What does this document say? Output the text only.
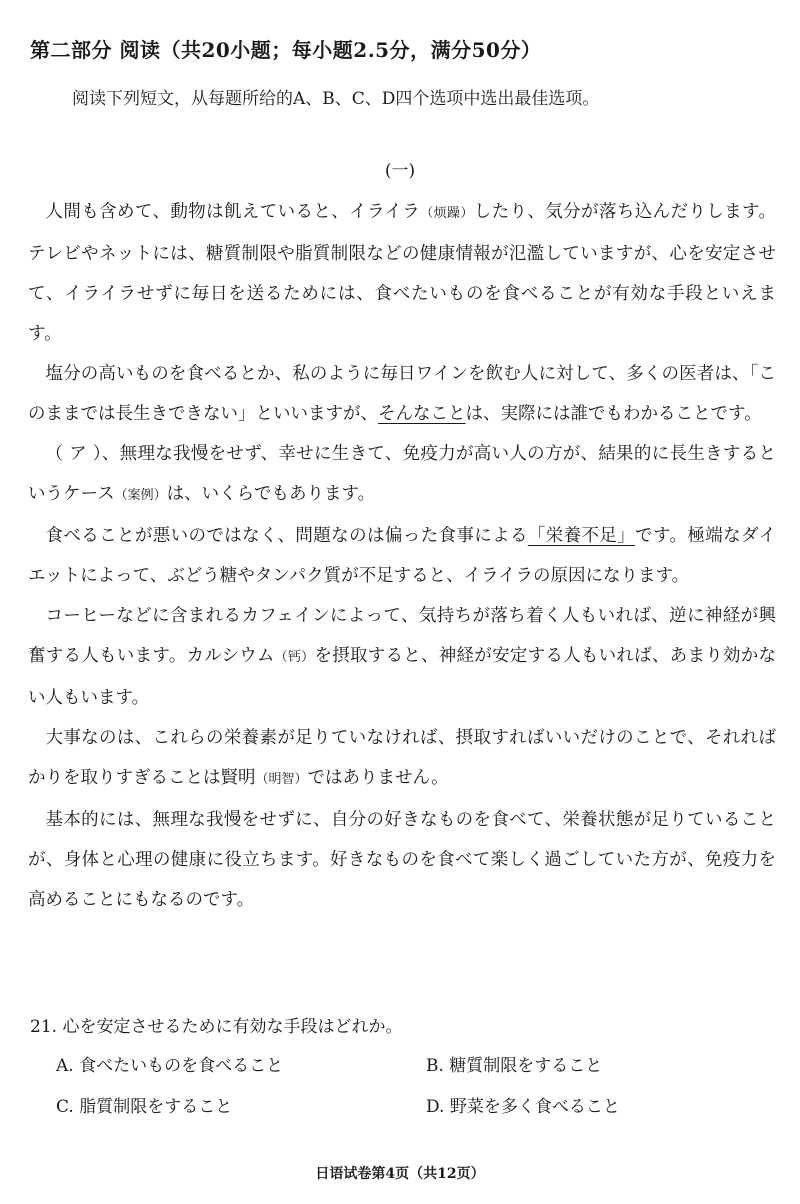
第二部分 阅读（共20小题；每小题2.5分，满分50分）
阅读下列短文，从每题所给的A、B、C、D四个选项中选出最佳选项。
(一)

人間も含めて、動物は飢えていると、イライラ（烦躁）したり、気分が落ち込んだりします。テレビやネットには、糖質制限や脂質制限などの健康情報が氾濫していますが、心を安定させて、イライラせずに毎日を送るためには、食べたいものを食べることが有効な手段といえます。

塩分の高いものを食べるとか、私のように毎日ワインを飲む人に対して、多くの医者は、「このままでは長生きできない」といいますが、そんなことは、実際には誰でもわかることです。

（ ア ）、無理な我慢をせず、幸せに生きて、免疫力が高い人の方が、結果的に長生きするというケース（案例）は、いくらでもあります。

食べることが悪いのではなく、問題なのは偏った食事による「栄養不足」です。極端なダイエットによって、ぶどう糖やタンパク質が不足すると、イライラの原因になります。

コーヒーなどに含まれるカフェインによって、気持ちが落ち着く人もいれば、逆に神経が興奮する人もいます。カルシウム（钙）を摂取すると、神経が安定する人もいれば、あまり効かない人もいます。

大事なのは、これらの栄養素が足りていなければ、摂取すればいいだけのことで、それればかりを取りすぎることは賢明（明智）ではありません。

基本的には、無理な我慢をせずに、自分の好きなものを食べて、栄養状態が足りていることが、身体と心理の健康に役立ちます。好きなものを食べて楽しく過ごしていた方が、免疫力を高めることにもなるのです。

21. 心を安定させるために有効な手段はどれか。

A. 食べたいものを食べること	B. 糖質制限をすること
C. 脂質制限をすること	D. 野菜を多く食べること
日语试卷第4页（共12页）
